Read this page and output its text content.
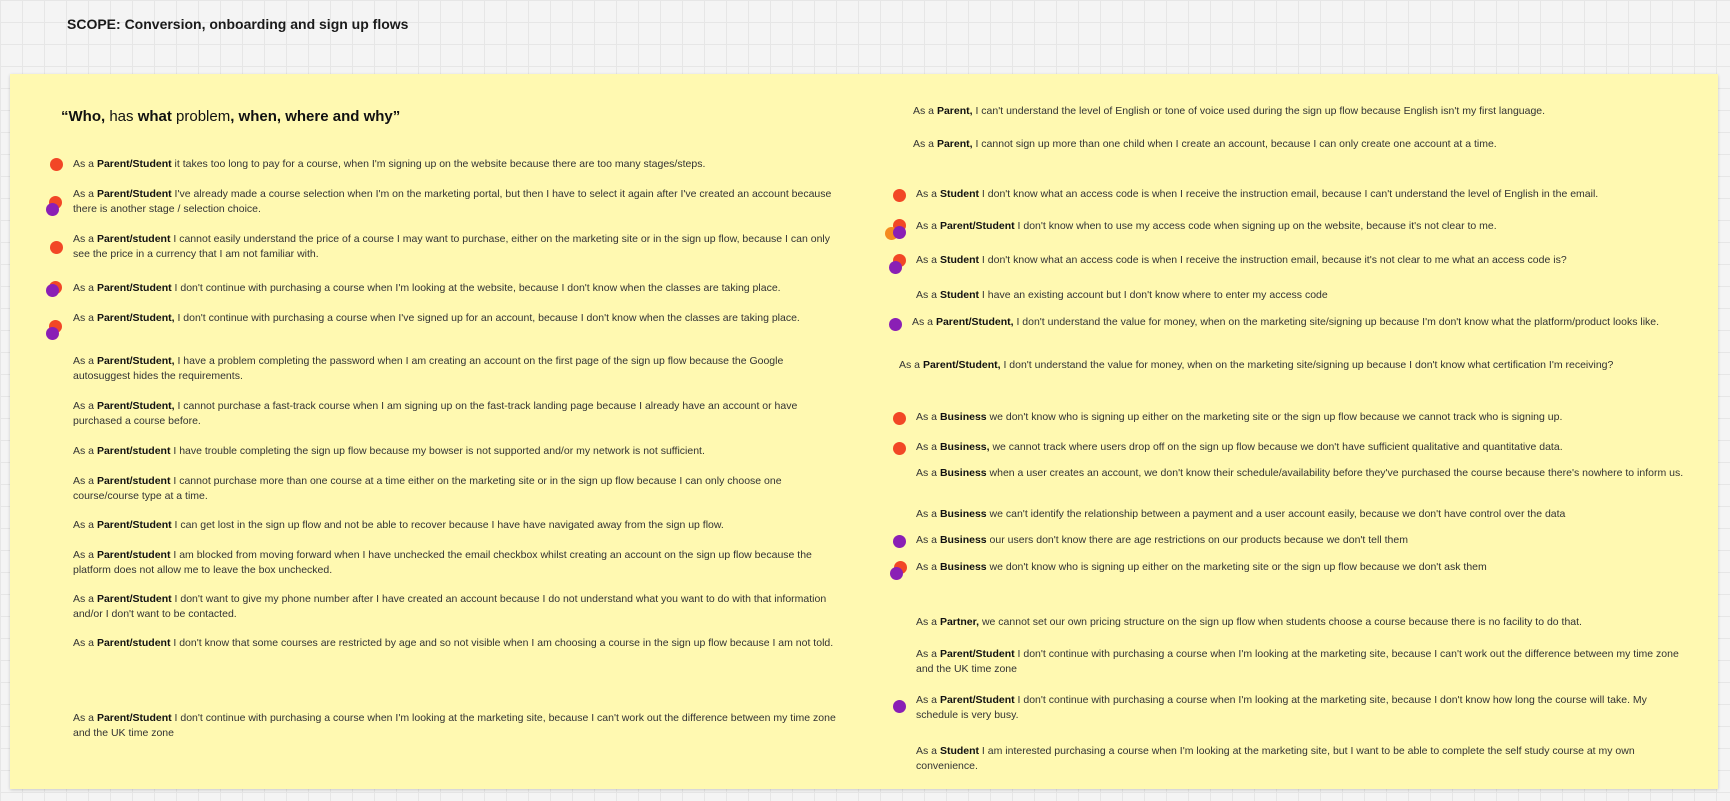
SCOPE: Conversion, onboarding and sign up flows
“Who, has what problem, when, where and why”
As a Parent/Student it takes too long to pay for a course, when I'm signing up on the website because there are too many stages/steps.
As a Parent/Student I've already made a course selection when I'm on the marketing portal, but then I have to select it again after I've created an account because there is another stage / selection choice.
As a Parent/student I cannot easily understand the price of a course I may want to purchase, either on the marketing site or in the sign up flow, because I can only see the price in a currency that I am not familiar with.
As a Parent/Student I don't continue with purchasing a course when I'm looking at the website, because I don't know when the classes are taking place.
As a Parent/Student, I don't continue with purchasing a course when I've signed up for an account, because I don't know when the classes are taking place.
As a Parent/Student, I have a problem completing the password when I am creating an account on the first page of the sign up flow because the Google autosuggest hides the requirements.
As a Parent/Student, I cannot purchase a fast-track course when I am signing up on the fast-track landing page because I already have an account or have purchased a course before.
As a Parent/student I have trouble completing the sign up flow because my bowser is not supported and/or my network is not sufficient.
As a Parent/student I cannot purchase more than one course at a time either on the marketing site or in the sign up flow because I can only choose one course/course type at a time.
As a Parent/Student I can get lost in the sign up flow and not be able to recover because I have have navigated away from the sign up flow.
As a Parent/student I am blocked from moving forward when I have unchecked the email checkbox whilst creating an account on the sign up flow because the platform does not allow me to leave the box unchecked.
As a Parent/Student I don't want to give my phone number after I have created an account because I do not understand what you want to do with that information and/or I don't want to be contacted.
As a Parent/student I don't know that some courses are restricted by age and so not visible when I am choosing a course in the sign up flow because I am not told.
As a Parent/Student I don't continue with purchasing a course when I'm looking at the marketing site, because I can't work out the difference between my time zone and the UK time zone
As a Parent, I can't understand the level of English or tone of voice used during the sign up flow because English isn't my first language.
As a Parent, I cannot sign up more than one child when I create an account, because I can only create one account at a time.
As a Student I don't know what an access code is when I receive the instruction email, because I can't understand the level of English in the email.
As a Parent/Student I don't know when to use my access code when signing up on the website, because it's not clear to me.
As a Student I don't know what an access code is when I receive the instruction email, because it's not clear to me what an access code is?
As a Student I have an existing account but I don't know where to enter my access code
As a Parent/Student, I don't understand the value for money, when on the marketing site/signing up because I'm don't know what the platform/product looks like.
As a Parent/Student, I don't understand the value for money, when on the marketing site/signing up because I don't know what certification I'm receiving?
As a Business we don't know who is signing up either on the marketing site or the sign up flow because we cannot track who is signing up.
As a Business, we cannot track where users drop off on the sign up flow because we don't have sufficient qualitative and quantitative data.
As a Business when a user creates an account, we don't know their schedule/availability before they've purchased the course because there's nowhere to inform us.
As a Business we can't identify the relationship between a payment and a user account easily, because we don't have control over the data
As a Business our users don't know there are age restrictions on our products because we don't tell them
As a Business we don't know who is signing up either on the marketing site or the sign up flow because we don't ask them
As a Partner, we cannot set our own pricing structure on the sign up flow when students choose a course because there is no facility to do that.
As a Parent/Student I don't continue with purchasing a course when I'm looking at the marketing site, because I can't work out the difference between my time zone and the UK time zone
As a Parent/Student I don't continue with purchasing a course when I'm looking at the marketing site, because I don't know how long the course will take. My schedule is very busy.
As a Student I am interested purchasing a course when I'm looking at the marketing site, but I want to be able to complete the self study course at my own convenience.
